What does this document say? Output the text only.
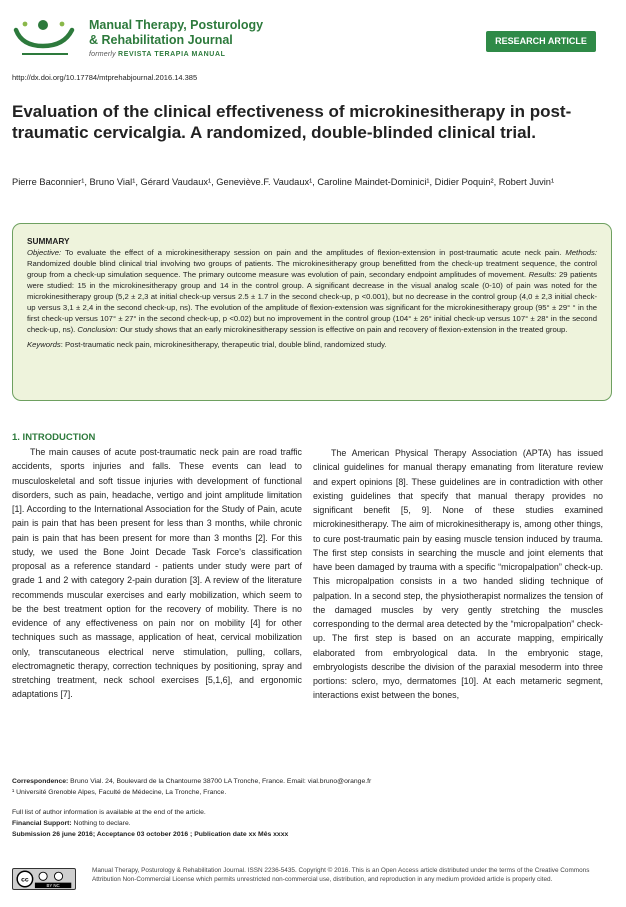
Manual Therapy, Posturology
& Rehabilitation Journal
formerly REVISTA TERAPIA MANUAL
RESEARCH ARTICLE
http://dx.doi.org/10.17784/mtprehabjournal.2016.14.385
Evaluation of the clinical effectiveness of microkinesitherapy in post-traumatic cervicalgia. A randomized, double-blinded clinical trial.
Pierre Baconnier¹, Bruno Vial¹, Gérard Vaudaux¹, Geneviève.F. Vaudaux¹, Caroline Maindet-Dominici¹, Didier Poquin², Robert Juvin¹
SUMMARY

Objective: To evaluate the effect of a microkinesitherapy session on pain and the amplitudes of flexion-extension in post-traumatic acute neck pain. Methods: Randomized double blind clinical trial involving two groups of patients. The microkinesitherapy group benefitted from the check-up treatment sequence, the control group from a check-up simulation sequence. The primary outcome measure was evolution of pain, secondary endpoint amplitudes of movement. Results: 29 patients were studied: 15 in the microkinesitherapy group and 14 in the control group. A significant decrease in the visual analog scale (0-10) of pain was noted for the microkinesitherapy group (5,2 ± 2,3 at initial check-up versus 2.5 ± 1.7 in the second check-up, p <0.001), but no decrease in the control group (4,0 ± 2,3 initial check-up versus 3,1 ± 2,4 in the second check-up, ns). The evolution of the amplitude of flexion-extension was significant for the microkinesitherapy group (95° ± 29° ° in the first check-up versus 107° ± 27° in the second check-up, p <0.02) but no improvement in the control group (104° ± 26° initial check-up versus 107° ± 28° in the second check-up, ns). Conclusion: Our study shows that an early microkinesitherapy session is effective on pain and recovery of flexion-extension in the treated group.

Keywords: Post-traumatic neck pain, microkinesitherapy, therapeutic trial, double blind, randomized study.

1. INTRODUCTION

The main causes of acute post-traumatic neck pain are road traffic accidents, sports injuries and falls. These events can lead to musculoskeletal and soft tissue injuries with development of functional disorders, such as pain, headache, vertigo and joint amplitude limitation [1]. According to the International Association for the Study of Pain, acute pain is pain that has been present for less than 3 months, while chronic pain is pain that has been present for more than 3 months [2]. For this study, we used the Bone Joint Decade Task Force's classification proposal as a reference standard - patients under study were part of grade 1 and 2 with category 2-pain duration [3]. A review of the literature recommends muscular exercises and early mobilization, which seem to be the best treatment option for the recovery of mobility. There is no evidence of any effectiveness on pain nor on mobility [4] for other techniques such as massage, application of heat, cervical mobilization only, transcutaneous electrical nerve stimulation, pulling, collars, electromagnetic therapy, correction techniques by positioning, spray and stretching treatment, neck school exercises [5,1,6], and ergonomic adaptations [7].

The American Physical Therapy Association (APTA) has issued clinical guidelines for manual therapy emanating from literature review and expert opinions [8]. These guidelines are in contradiction with other existing guidelines that specify that manual therapy provides no significant benefit [5, 9]. None of these studies examined microkinesitherapy. The aim of microkinesitherapy is, among other things, to cure post-traumatic pain by easing muscle tension induced by trauma. The first step consists in searching the muscle and joint elements that have been damaged by trauma with a specific “micropalpation” check-up. This micropalpation consists in a two handed sliding technique of palpation. In a second step, the physiotherapist normalizes the tension of the damaged muscles by very gently stretching the muscles corresponding to the dermal area detected by the “micropalpation” check-up. The first step is based on an accurate mapping, empirically elaborated from embryological data. In the embryonic stage, embryologists describe the division of the paraxial mesoderm into three portions: sclero, myo, dermatomes [10]. At each metameric segment, interactions exist between the bones,

Correspondence: Bruno Vial. 24, Boulevard de la Chantourne 38700 LA Tronche, France. Email: vial.bruno@orange.fr
¹ Université Grenoble Alpes, Faculté de Médecine, La Tronche, France.
Full list of author information is available at the end of the article.
Financial Support: Nothing to declare.
Submission 26 june 2016; Acceptance 03 october 2016 ; Publication date xx Mês xxxx
cc
BY NC
Manual Therapy, Posturology & Rehabilitation Journal. ISSN 2236-5435. Copyright © 2016. This is an Open Access article distributed under the terms of the Creative Commons Attribution Non-Commercial License which permits unrestricted non-commercial use, distribution, and reproduction in any medium provided article is properly cited.
